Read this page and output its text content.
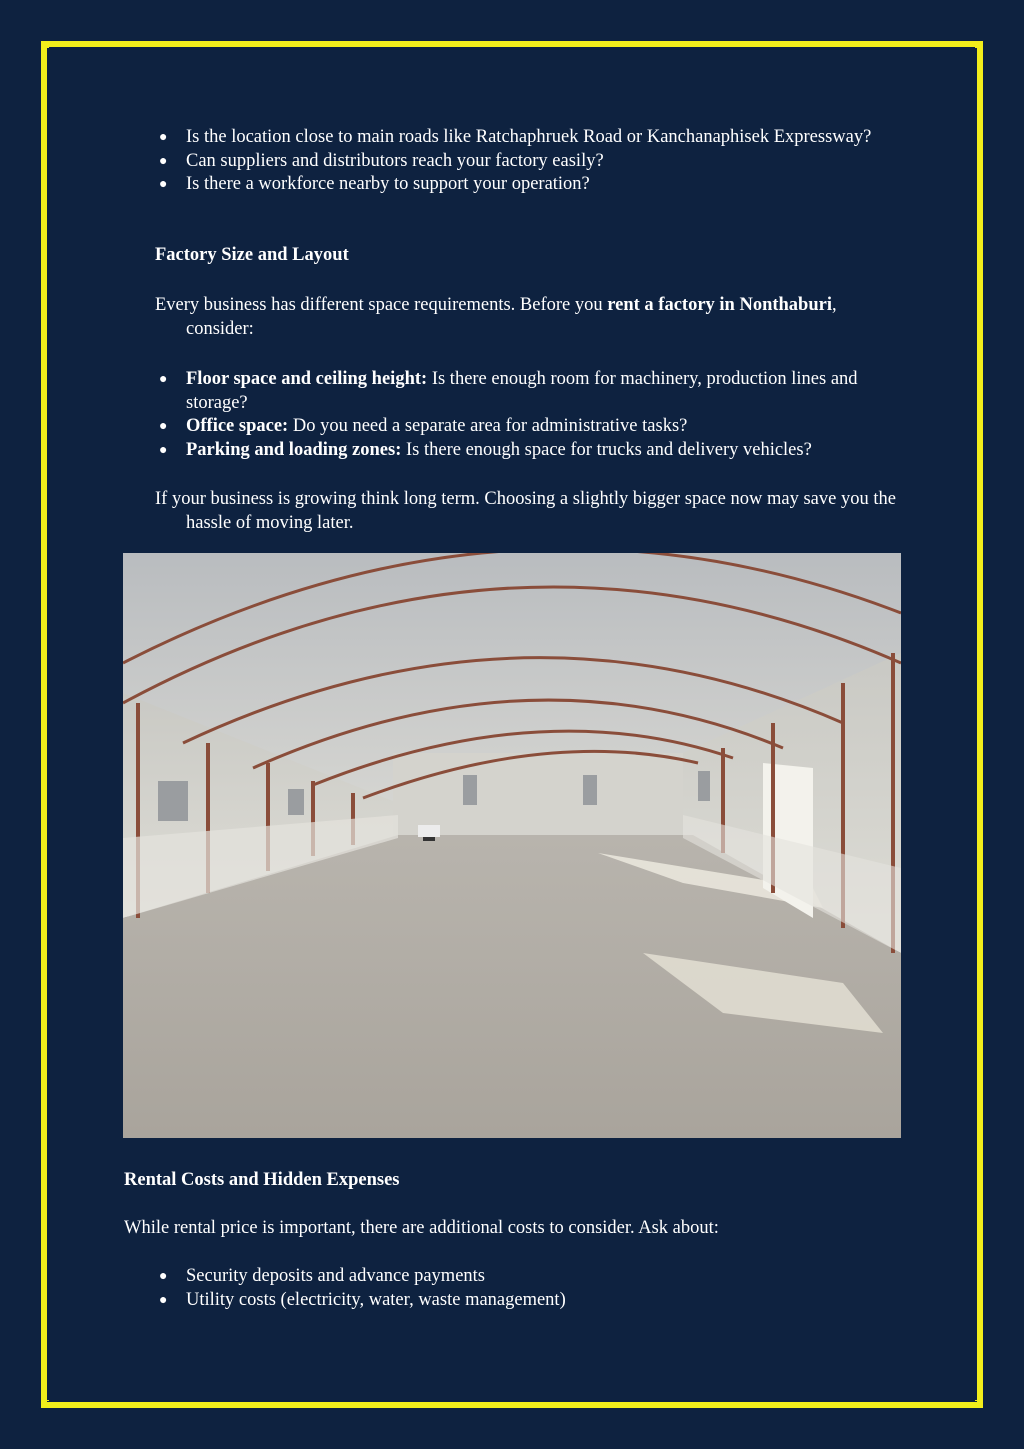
● Is the location close to main roads like Ratchaphruek Road or Kanchanaphisek Expressway?
● Can suppliers and distributors reach your factory easily?
● Is there a workforce nearby to support your operation?
Factory Size and Layout
Every business has different space requirements. Before you rent a factory in Nonthaburi, consider:
● Floor space and ceiling height: Is there enough room for machinery, production lines and storage?
● Office space: Do you need a separate area for administrative tasks?
● Parking and loading zones: Is there enough space for trucks and delivery vehicles?
If your business is growing think long term. Choosing a slightly bigger space now may save you the hassle of moving later.
Rental Costs and Hidden Expenses
While rental price is important, there are additional costs to consider. Ask about:
● Security deposits and advance payments
● Utility costs (electricity, water, waste management)
